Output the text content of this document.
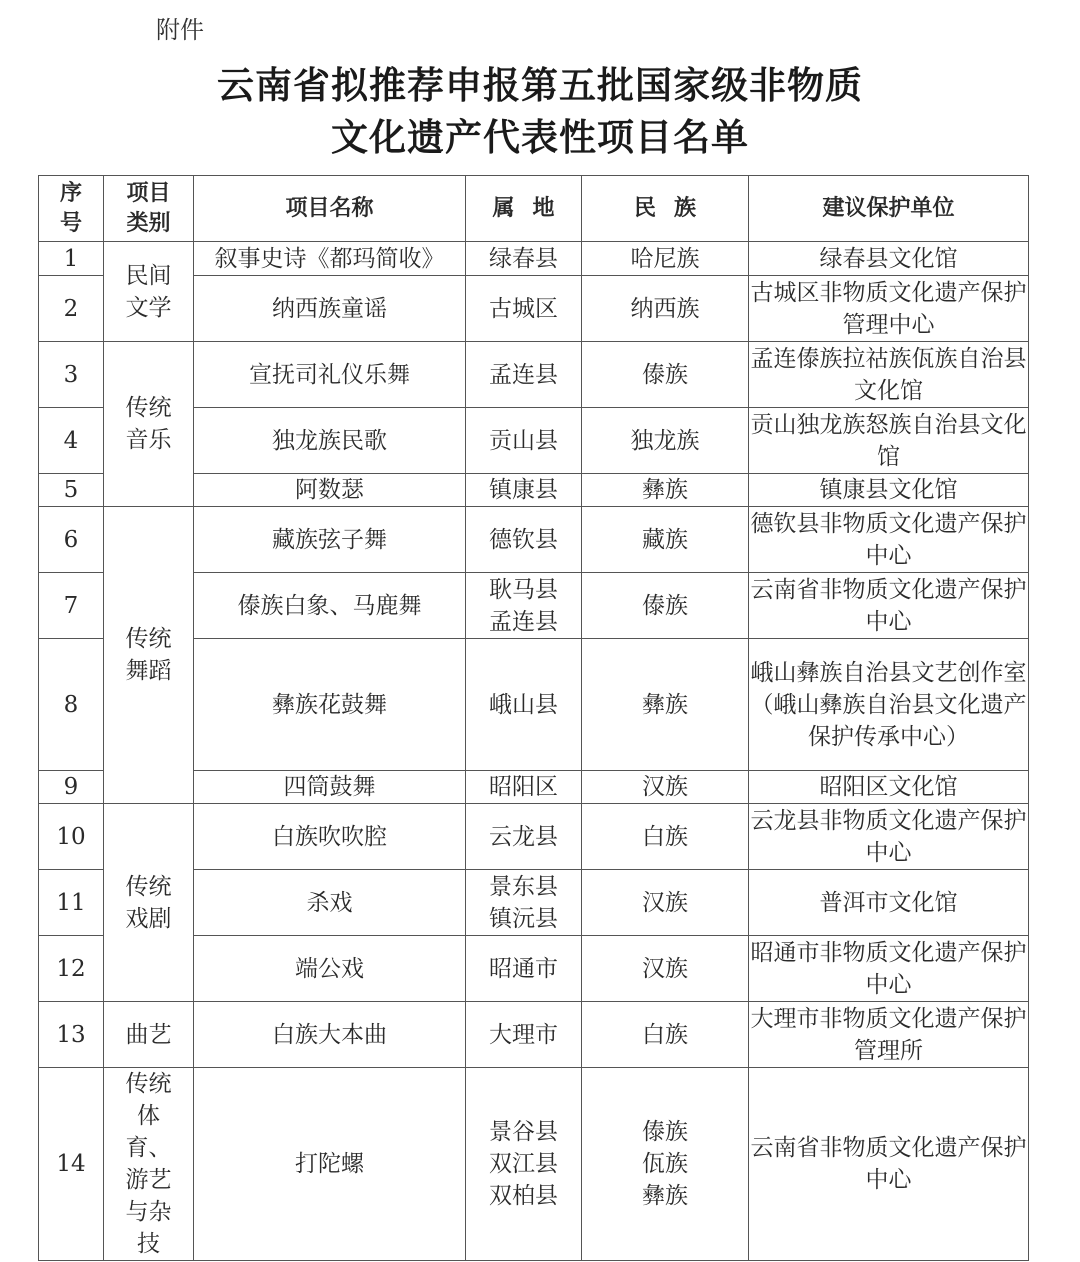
附件
云南省拟推荐申报第五批国家级非物质
文化遗产代表性项目名单
序号	项目类别	项目名称	属地	民族	建议保护单位
1	民间文学	叙事史诗《都玛简收》	绿春县	哈尼族	绿春县文化馆
2		纳西族童谣	古城区	纳西族	古城区非物质文化遗产保护管理中心
3	传统音乐	宣抚司礼仪乐舞	孟连县	傣族	孟连傣族拉祜族佤族自治县文化馆
4		独龙族民歌	贡山县	独龙族	贡山独龙族怒族自治县文化馆
5		阿数瑟	镇康县	彝族	镇康县文化馆
6	传统舞蹈	藏族弦子舞	德钦县	藏族	德钦县非物质文化遗产保护中心
7		傣族白象、马鹿舞	耿马县 孟连县	傣族	云南省非物质文化遗产保护中心
8		彝族花鼓舞	峨山县	彝族	峨山彝族自治县文艺创作室（峨山彝族自治县文化遗产保护传承中心）
9		四筒鼓舞	昭阳区	汉族	昭阳区文化馆
10	传统戏剧	白族吹吹腔	云龙县	白族	云龙县非物质文化遗产保护中心
11		杀戏	景东县 镇沅县	汉族	普洱市文化馆
12		端公戏	昭通市	汉族	昭通市非物质文化遗产保护中心
13	曲艺	白族大本曲	大理市	白族	大理市非物质文化遗产保护管理所
14	传统体育、游艺与杂技	打陀螺	景谷县 双江县 双柏县	傣族 佤族 彝族	云南省非物质文化遗产保护中心
